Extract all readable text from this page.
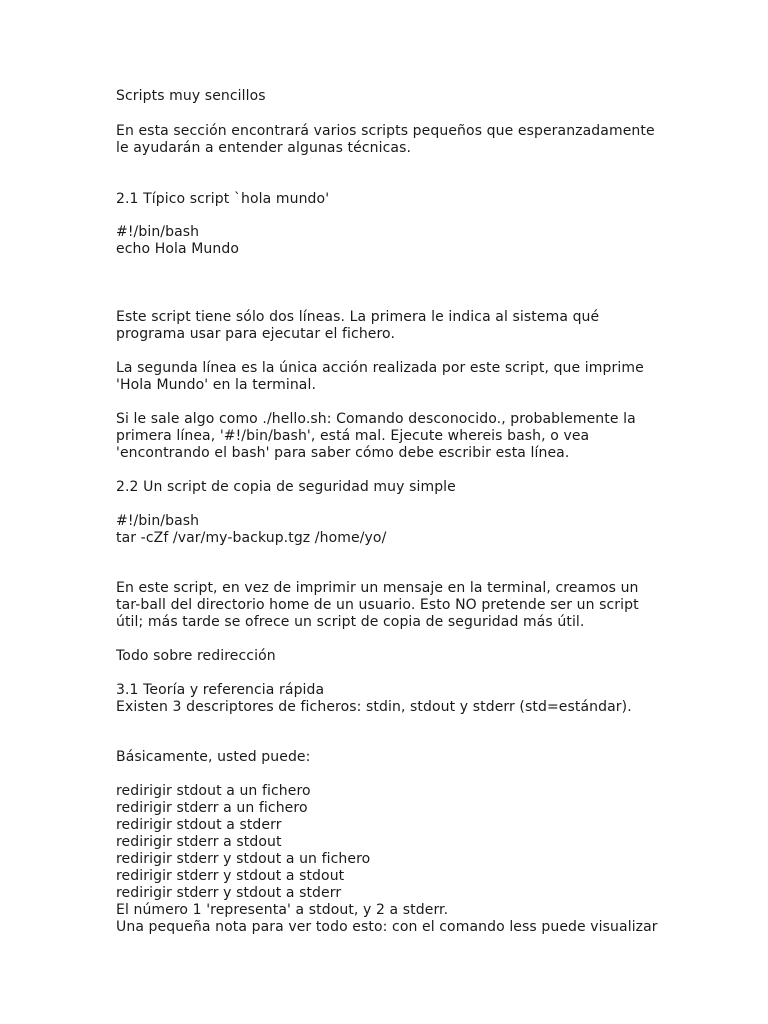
Scripts muy sencillos
En esta sección encontrará varios scripts pequeños que esperanzadamente
le ayudarán a entender algunas técnicas.
2.1 Típico script `hola mundo'
#!/bin/bash
echo Hola Mundo
Este script tiene sólo dos líneas. La primera le indica al sistema qué
programa usar para ejecutar el fichero.
La segunda línea es la única acción realizada por este script, que imprime
'Hola Mundo' en la terminal.
Si le sale algo como ./hello.sh: Comando desconocido., probablemente la
primera línea, '#!/bin/bash', está mal. Ejecute whereis bash, o vea
'encontrando el bash' para saber cómo debe escribir esta línea.
2.2 Un script de copia de seguridad muy simple
#!/bin/bash
tar -cZf /var/my-backup.tgz /home/yo/
En este script, en vez de imprimir un mensaje en la terminal, creamos un
tar-ball del directorio home de un usuario. Esto NO pretende ser un script
útil; más tarde se ofrece un script de copia de seguridad más útil.
Todo sobre redirección
3.1 Teoría y referencia rápida
Existen 3 descriptores de ficheros: stdin, stdout y stderr (std=estándar).
Básicamente, usted puede:
redirigir stdout a un fichero
redirigir stderr a un fichero
redirigir stdout a stderr
redirigir stderr a stdout
redirigir stderr y stdout a un fichero
redirigir stderr y stdout a stdout
redirigir stderr y stdout a stderr
El número 1 'representa' a stdout, y 2 a stderr.
Una pequeña nota para ver todo esto: con el comando less puede visualizar
